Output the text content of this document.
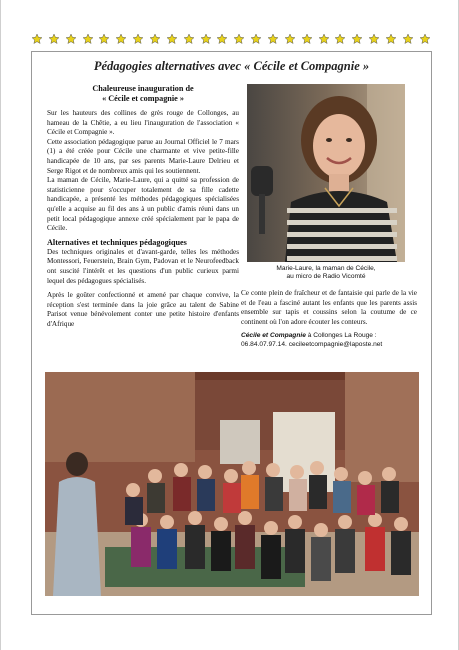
Pédagogies alternatives avec « Cécile et Compagnie »
Chaleureuse inauguration de
« Cécile et compagnie »

Sur les hauteurs des collines de grès rouge de Collonges, au hameau de la Chêtie, a eu lieu l'inauguration de l'association « Cécile et Compagnie ».

Cette association pédagogique parue au Journal Officiel le 7 mars (1) a été créée pour Cécile une charmante et vive petite-fille handicapée de 10 ans, par ses parents Marie-Laure Delrieu et Serge Rigot et de nombreux amis qui les soutiennent.

La maman de Cécile, Marie-Laure, qui a quitté sa profession de statisticienne pour s'occuper totalement de sa fille cadette handicapée, a présenté les méthodes pédagogiques spécialisées qu'elle a acquise au fil des ans à un public d'amis réuni dans un petit local pédagogique annexe créé spécialement par le papa de Cécile.

Alternatives et techniques pédagogiques

Des techniques originales et d'avant-garde, telles les méthodes Montessori, Feuerstein, Brain Gym, Padovan et le Neurofeedback ont suscité l'intérêt et les questions d'un public curieux parmi lequel des pédagogues spécialisés.

Après le goûter confectionné et amené par chaque convive, la réception s'est terminée dans la joie grâce au talent de Sabine Parisot venue bénévolement conter une petite histoire d'enfants d'Afrique

Marie-Laure, la maman de Cécile,
au micro de Radio Vicomté

Ce conte plein de fraîcheur et de fantaisie qui parle de la vie et de l'eau a fasciné autant les enfants que les parents assis ensemble sur tapis et coussins selon la coutume de ce continent où l'on adore écouter les conteurs.

Cécile et Compagnie à Collonges La Rouge :
06.84.07.97.14. cecileetcompagnie@laposte.net
